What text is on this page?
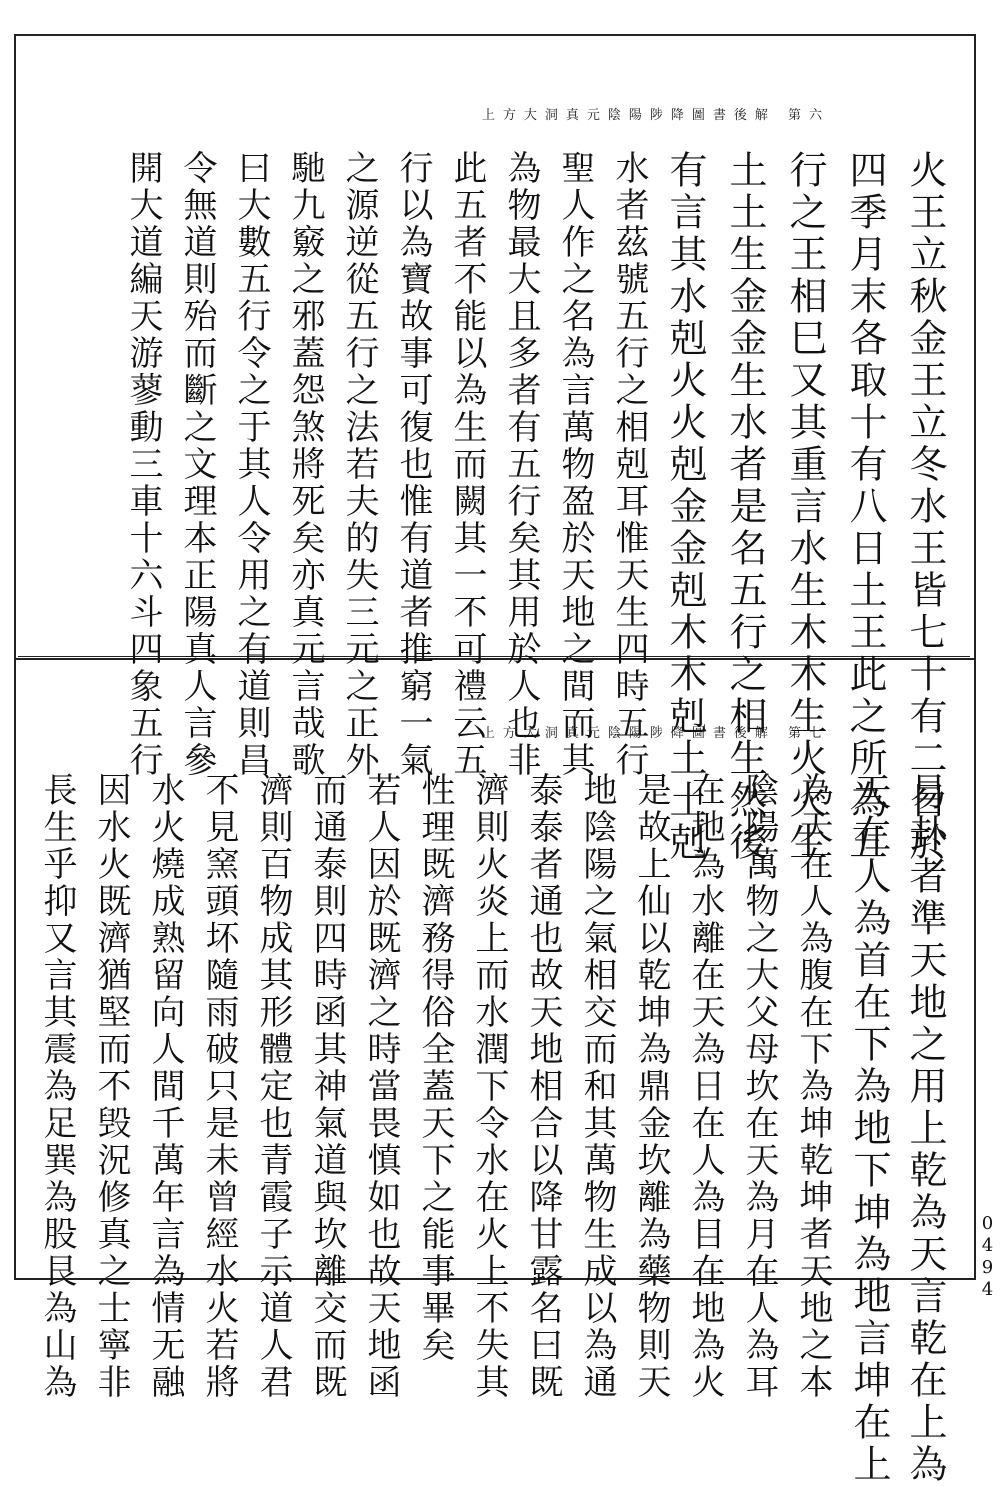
上方大洞真元陰陽陟降圖書後解 第六
上方大洞真元陰陽陟降圖書後解 第七 火王立秋金王立冬水王皆七十有二日於
四季月末各取十有八日土王此之所為五
行之王相巳又其重言水生木木生火火生
土土生金金生水者是名五行之相生然後
有言其水剋火火剋金金剋木木剋土土剋
水者茲號五行之相剋耳惟天生四時五行
聖人作之名為言萬物盈於天地之間而其
為物最大且多者有五行矣其用於人也非
此五者不能以為生而闕其一不可禮云五
行以為寶故事可復也惟有道者推窮一氣
之源逆從五行之法若夫的失三元之正外
馳九竅之邪蓋怨煞將死矣亦真元言哉歌
曰大數五行令之于其人令用之有道則昌
令無道則殆而斷之文理本正陽真人言參
開大道編天游蓼動三車十六斗四象五行
易卦者準天地之用上乾為天言乾在上為
天在人為首在下為地下坤為地言坤在上
為天在人為腹在下為坤乾坤者天地之本
陰陽萬物之大父母坎在天為月在人為耳
在地為水離在天為日在人為目在地為火
是故上仙以乾坤為鼎金坎離為藥物則天
地陰陽之氣相交而和其萬物生成以為通
泰泰者通也故天地相合以降甘露名曰既
濟則火炎上而水潤下令水在火上不失其
性理既濟務得俗全蓋天下之能事畢矣
若人因於既濟之時當畏慎如也故天地函
而通泰則四時函其神氣道與坎離交而既
濟則百物成其形體定也青霞子示道人君
不見窯頭坏隨雨破只是未曾經水火若將
水火燒成熟留向人間千萬年言為情无融
因水火既濟猶堅而不毁況修真之士寧非
長生乎抑又言其震為足巽為股艮為山為	0494
